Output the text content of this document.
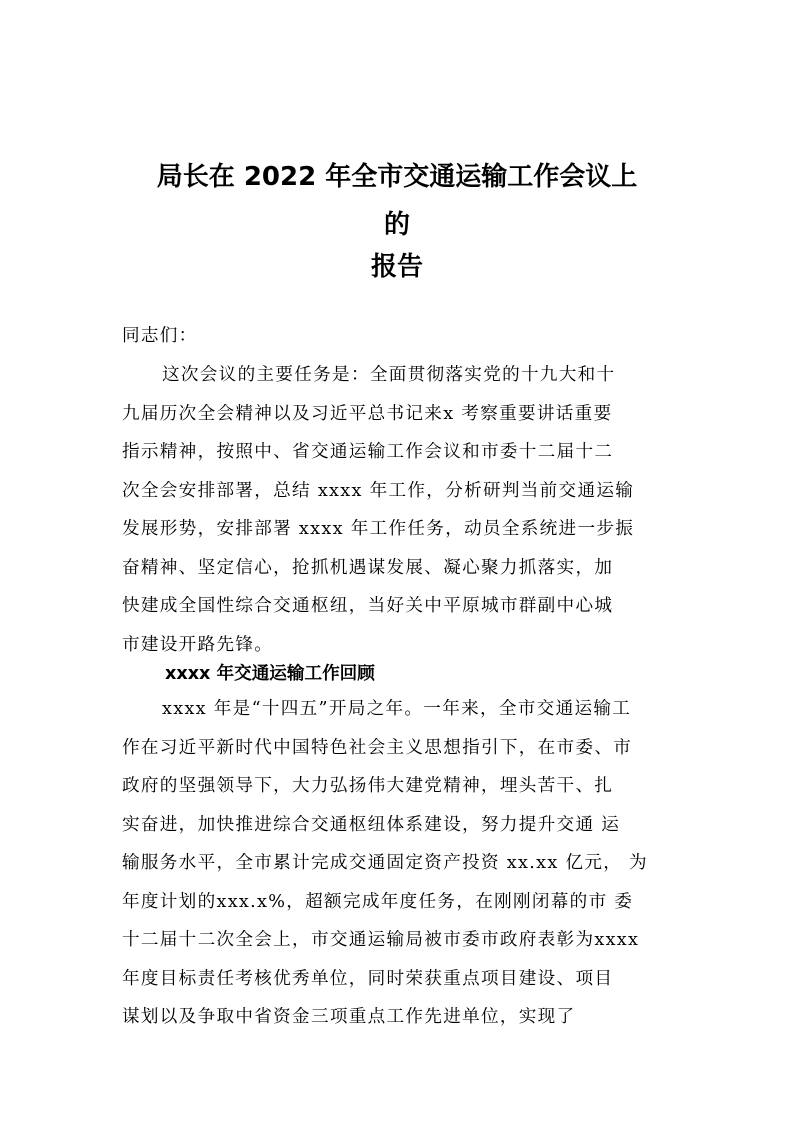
局长在 2022 年全市交通运输工作会议上
的
报告

同志们：

这次会议的主要任务是：全面贯彻落实党的十九大和十
九届历次全会精神以及习近平总书记来x 考察重要讲话重要
指示精神，按照中、省交通运输工作会议和市委十二届十二
次全会安排部署，总结 xxxx 年工作，分析研判当前交通运输
发展形势，安排部署 xxxx 年工作任务，动员全系统进一步振
奋精神、坚定信心，抢抓机遇谋发展、凝心聚力抓落实，加
快建成全国性综合交通枢纽，当好关中平原城市群副中心城
市建设开路先锋。
xxxx 年交通运输工作回顾
xxxx 年是“十四五”开局之年。一年来，全市交通运输工
作在习近平新时代中国特色社会主义思想指引下，在市委、市
政府的坚强领导下，大力弘扬伟大建党精神，埋头苦干、扎
实奋进，加快推进综合交通枢纽体系建设，努力提升交通 运
输服务水平，全市累计完成交通固定资产投资 xx.xx 亿元， 为
年度计划的xxx.x%，超额完成年度任务，在刚刚闭幕的市 委
十二届十二次全会上，市交通运输局被市委市政府表彰为xxxx
年度目标责任考核优秀单位，同时荣获重点项目建设、项目
谋划以及争取中省资金三项重点工作先进单位，实现了
